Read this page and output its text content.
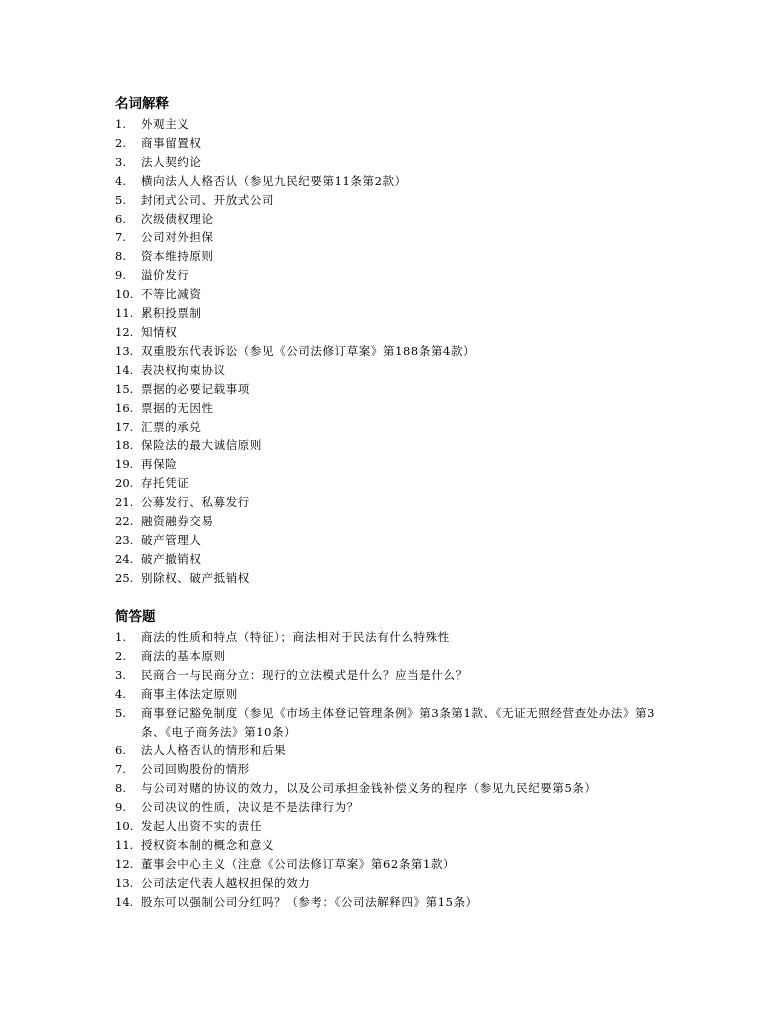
名词解释
1. 外观主义
2. 商事留置权
3. 法人契约论
4. 横向法人人格否认（参见九民纪要第11条第2款）
5. 封闭式公司、开放式公司
6. 次级债权理论
7. 公司对外担保
8. 资本维持原则
9. 溢价发行
10. 不等比减资
11. 累积投票制
12. 知情权
13. 双重股东代表诉讼（参见《公司法修订草案》第188条第4款）
14. 表决权拘束协议
15. 票据的必要记载事项
16. 票据的无因性
17. 汇票的承兑
18. 保险法的最大诚信原则
19. 再保险
20. 存托凭证
21. 公募发行、私募发行
22. 融资融券交易
23. 破产管理人
24. 破产撤销权
25. 别除权、破产抵销权
简答题
1. 商法的性质和特点（特征）；商法相对于民法有什么特殊性
2. 商法的基本原则
3. 民商合一与民商分立：现行的立法模式是什么？应当是什么？
4. 商事主体法定原则
5. 商事登记豁免制度（参见《市场主体登记管理条例》第3条第1款、《无证无照经营查处办法》第3条、《电子商务法》第10条）
6. 法人人格否认的情形和后果
7. 公司回购股份的情形
8. 与公司对赌的协议的效力，以及公司承担金钱补偿义务的程序（参见九民纪要第5条）
9. 公司决议的性质，决议是不是法律行为？
10. 发起人出资不实的责任
11. 授权资本制的概念和意义
12. 董事会中心主义（注意《公司法修订草案》第62条第1款）
13. 公司法定代表人越权担保的效力
14. 股东可以强制公司分红吗？（参考：《公司法解释四》第15条）
